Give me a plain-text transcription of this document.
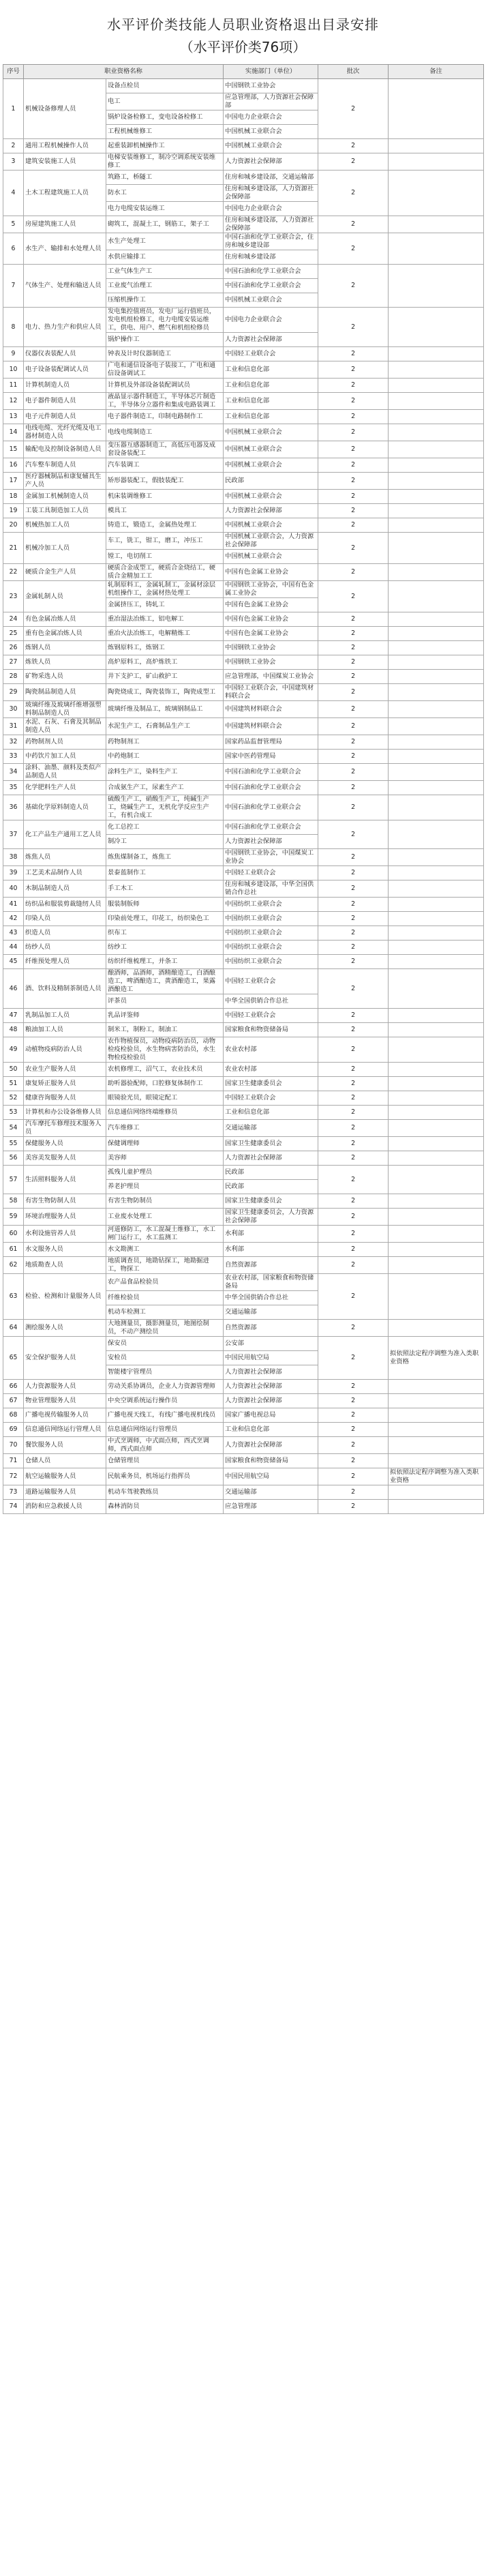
水平评价类技能人员职业资格退出目录安排
（水平评价类76项）
序号	职业资格名称		实施部门（单位）	批次	备注
1	机械设备修理人员	设备点检员	中国钢铁工业协会	2	
		电工	应急管理部，人力资源社会保障部		
		锅炉设备检修工，变电设备检修工	中国电力企业联合会		
		工程机械维修工	中国机械工业联合会		
2	通用工程机械操作人员	起重装卸机械操作工	中国机械工业联合会	2	
3	建筑安装施工人员	电梯安装维修工，制冷空调系统安装维修工	人力资源社会保障部	2	
4	土木工程建筑施工人员	筑路工，桥隧工	住房和城乡建设部，交通运输部	2	
		防水工	住房和城乡建设部，人力资源社会保障部		
		电力电缆安装运维工	中国电力企业联合会		
5	房屋建筑施工人员	砌筑工，混凝土工，钢筋工，架子工	住房和城乡建设部，人力资源社会保障部	2	
6	水生产、输排和水处理人员	水生产处理工	中国石油和化学工业联合会，住房和城乡建设部	2	
		水供应输排工	住房和城乡建设部		
7	气体生产、处理和输送人员	工业气体生产工	中国石油和化学工业联合会	2	
		工业废气治理工	中国石油和化学工业联合会		
		压缩机操作工	中国机械工业联合会		
8	电力、热力生产和供应人员	发电集控值班员，发电厂运行值班员，发电机组检修工，电力电缆安装运维工，供电、用户、燃气和机组检修员	中国电力企业联合会	2	
		锅炉操作工	人力资源社会保障部		
9	仪器仪表装配人员	钟表及计时仪器制造工	中国轻工业联合会	2	
10	电子设备装配调试人员	广电和通信设备电子装接工，广电和通信设备调试工	工业和信息化部	2	
11	计算机制造人员	计算机及外部设备装配调试员	工业和信息化部	2	
12	电子器件制造人员	液晶显示器件制造工，半导体芯片制造工，半导体分立器件和集成电路装调工	工业和信息化部	2	
13	电子元件制造人员	电子器件制造工，印制电路制作工	工业和信息化部	2	
14	电线电缆、光纤光缆及电工器材制造人员	电线电缆制造工	中国机械工业联合会	2	
15	输配电及控制设备制造人员	变压器互感器制造工，高低压电器及成套设备装配工	中国机械工业联合会	2	
16	汽车整车制造人员	汽车装调工	中国机械工业联合会	2	
17	医疗器械制品和康复辅具生产人员	矫形器装配工，假肢装配工	民政部	2	
18	金属加工机械制造人员	机床装调维修工	中国机械工业联合会	2	
19	工装工具制造加工人员	模具工	人力资源社会保障部	2	
20	机械热加工人员	铸造工，锻造工，金属热处理工	中国机械工业联合会	2	
21	机械冷加工人员	车工，铣工，钳工，磨工，冲压工	中国机械工业联合会，人力资源社会保障部	2	
		镗工，电切削工	中国机械工业联合会		
22	硬质合金生产人员	硬质合金成型工，硬质合金烧结工，硬质合金精加工工	中国有色金属工业协会	2	
23	金属轧制人员	轧制原料工，金属轧制工，金属材涂层机组操作工，金属材热处理工	中国钢铁工业协会，中国有色金属工业协会	2	
		金属挤压工，铸轧工	中国有色金属工业协会		
24	有色金属冶炼人员	重冶湿法冶炼工，铝电解工	中国有色金属工业协会	2	
25	重有色金属冶炼人员	重冶火法冶炼工，电解精炼工	中国有色金属工业协会	2	
26	炼钢人员	炼钢原料工，炼钢工	中国钢铁工业协会	2	
27	炼铁人员	高炉原料工，高炉炼铁工	中国钢铁工业协会	2	
28	矿物采选人员	井下支护工，矿山救护工	应急管理部，中国煤炭工业协会	2	
29	陶瓷制品制造人员	陶瓷烧成工，陶瓷装饰工，陶瓷成型工	中国轻工业联合会，中国建筑材料联合会	2	
30	玻璃纤维及玻璃纤维增强塑料制品制造人员	玻璃纤维及制品工，玻璃钢制品工	中国建筑材料联合会	2	
31	水泥、石灰、石膏及其制品制造人员	水泥生产工，石膏制品生产工	中国建筑材料联合会	2	
32	药物制剂人员	药物制剂工	国家药品监督管理局	2	
33	中药饮片加工人员	中药炮制工	国家中医药管理局	2	
34	涂料、油墨、颜料及类似产品制造人员	涂料生产工，染料生产工	中国石油和化学工业联合会	2	
35	化学肥料生产人员	合成氨生产工，尿素生产工	中国石油和化学工业联合会	2	
36	基础化学原料制造人员	硫酸生产工，硝酸生产工，纯碱生产工，烧碱生产工，无机化学反应生产工，有机合成工	中国石油和化学工业联合会	2	
37	化工产品生产通用工艺人员	化工总控工	中国石油和化学工业联合会	2	
		制冷工	人力资源社会保障部		
38	炼焦人员	炼焦煤制备工，炼焦工	中国钢铁工业协会，中国煤炭工业协会	2	
39	工艺美术品制作人员	景泰蓝制作工	中国轻工业联合会	2	
40	木制品制造人员	手工木工	住房和城乡建设部，中华全国供销合作总社	2	
41	纺织品和服装剪裁缝纫人员	服装制版师	中国纺织工业联合会	2	
42	印染人员	印染前处理工，印花工，纺织染色工	中国纺织工业联合会	2	
43	织造人员	织布工	中国纺织工业联合会	2	
44	纺纱人员	纺纱工	中国纺织工业联合会	2	
45	纤维预处理人员	纺织纤维梳理工，并条工	中国纺织工业联合会	2	
46	酒、饮料及精制茶制造人员	酿酒师，品酒师，酒精酿造工，白酒酿造工，啤酒酿造工，黄酒酿造工，果露酒酿造工	中国轻工业联合会	2	
		评茶员	中华全国供销合作总社		
47	乳制品加工人员	乳品评鉴师	中国轻工业联合会	2	
48	粮油加工人员	制米工，制粉工，制油工	国家粮食和物资储备局	2	
49	动植物疫病防治人员	农作物植保员，动物疫病防治员，动物检疫检验员，水生物病害防治员，水生物检疫检验员	农业农村部	2	
50	农业生产服务人员	农机修理工，沼气工，农业技术员	农业农村部	2	
51	康复矫正服务人员	助听器验配师，口腔修复体制作工	国家卫生健康委员会	2	
52	健康咨询服务人员	眼镜验光员，眼镜定配工	中国轻工业联合会	2	
53	计算机和办公设备维修人员	信息通信网络终端维修员	工业和信息化部	2	
54	汽车摩托车修理技术服务人员	汽车维修工	交通运输部	2	
55	保健服务人员	保健调理师	国家卫生健康委员会	2	
56	美容美发服务人员	美容师	人力资源社会保障部	2	
57	生活照料服务人员	孤残儿童护理员	民政部	2	
		养老护理员	民政部		
58	有害生物防制人员	有害生物防制员	国家卫生健康委员会	2	
59	环境治理服务人员	工业废水处理工	国家卫生健康委员会，人力资源社会保障部	2	
60	水利设施管养人员	河道修防工，水工混凝土维修工，水工闸门运行工，水工监测工	水利部	2	
61	水文服务人员	水文勘测工	水利部	2	
62	地质勘查人员	地质调查员，地勘钻探工，地勘掘进工，物探工	自然资源部	2	
63	检验、检测和计量服务人员	农产品食品检验员	农业农村部，国家粮食和物资储备局	2	
		纤维检验员	中华全国供销合作总社		
		机动车检测工	交通运输部		
64	测绘服务人员	大地测量员，摄影测量员，地图绘制员，不动产测绘员	自然资源部	2	
65	安全保护服务人员	保安员	公安部	2	拟依照法定程序调整为准入类职业资格
		安检员	中国民用航空局		
		智能楼宇管理员	人力资源社会保障部		
66	人力资源服务人员	劳动关系协调员，企业人力资源管理师	人力资源社会保障部	2	
67	物业管理服务人员	中央空调系统运行操作员	人力资源社会保障部	2	
68	广播电视传输服务人员	广播电视天线工，有线广播电视机线员	国家广播电视总局	2	
69	信息通信网络运行管理人员	信息通信网络运行管理员	工业和信息化部	2	
70	餐饮服务人员	中式烹调师，中式面点师，西式烹调师，西式面点师	人力资源社会保障部	2	
71	仓储人员	仓储管理员	国家粮食和物资储备局	2	
72	航空运输服务人员	民航乘务员，机场运行指挥员	中国民用航空局	2	拟依照法定程序调整为准入类职业资格
73	道路运输服务人员	机动车驾驶教练员	交通运输部	2	
74	消防和应急救援人员	森林消防员	应急管理部	2	
